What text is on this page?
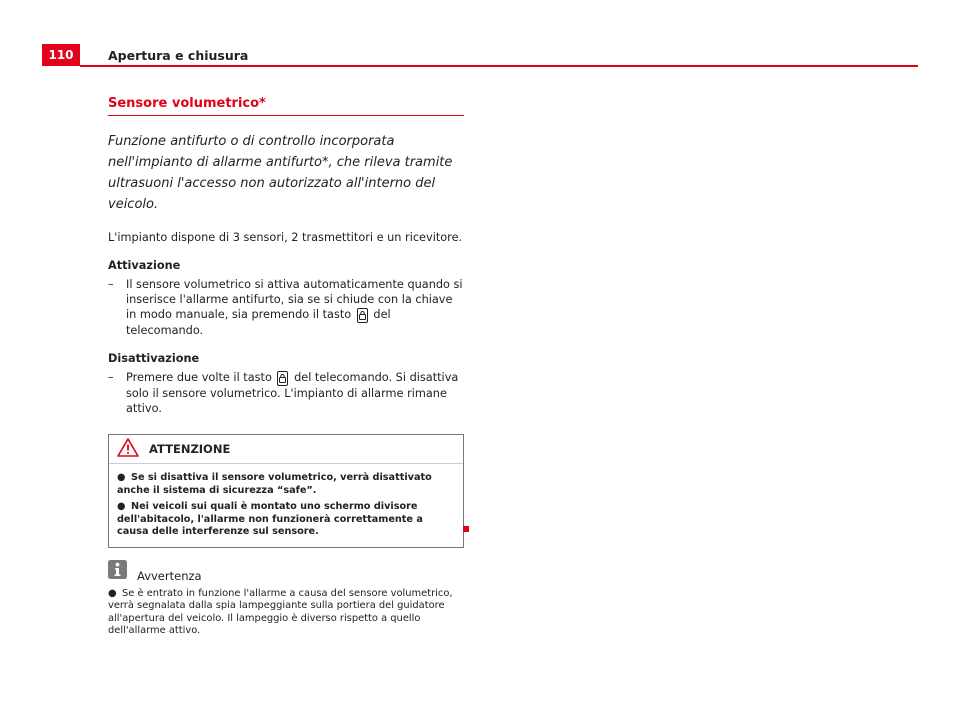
110	Apertura e chiusura
Sensore volumetrico*
Funzione antifurto o di controllo incorporata nell'impianto di allarme antifurto*, che rileva tramite ultrasuoni l'accesso non autorizzato all'interno del veicolo.

L'impianto dispone di 3 sensori, 2 trasmettitori e un ricevitore.

Attivazione
– Il sensore volumetrico si attiva automaticamente quando si inserisce l'allarme antifurto, sia se si chiude con la chiave in modo manuale, sia premendo il tasto del telecomando.
Disattivazione
– Premere due volte il tasto del telecomando. Si disattiva solo il sensore volumetrico. L'impianto di allarme rimane attivo.
ATTENZIONE
● Se si disattiva il sensore volumetrico, verrà disattivato anche il sistema di sicurezza “safe”.
● Nei veicoli sui quali è montato uno schermo divisore dell'abitacolo, l'allarme non funzionerà correttamente a causa delle interferenze sul sensore.
Avvertenza
● Se è entrato in funzione l'allarme a causa del sensore volumetrico, verrà segnalata dalla spia lampeggiante sulla portiera del guidatore all'apertura del veicolo. Il lampeggio è diverso rispetto a quello dell'allarme attivo.
